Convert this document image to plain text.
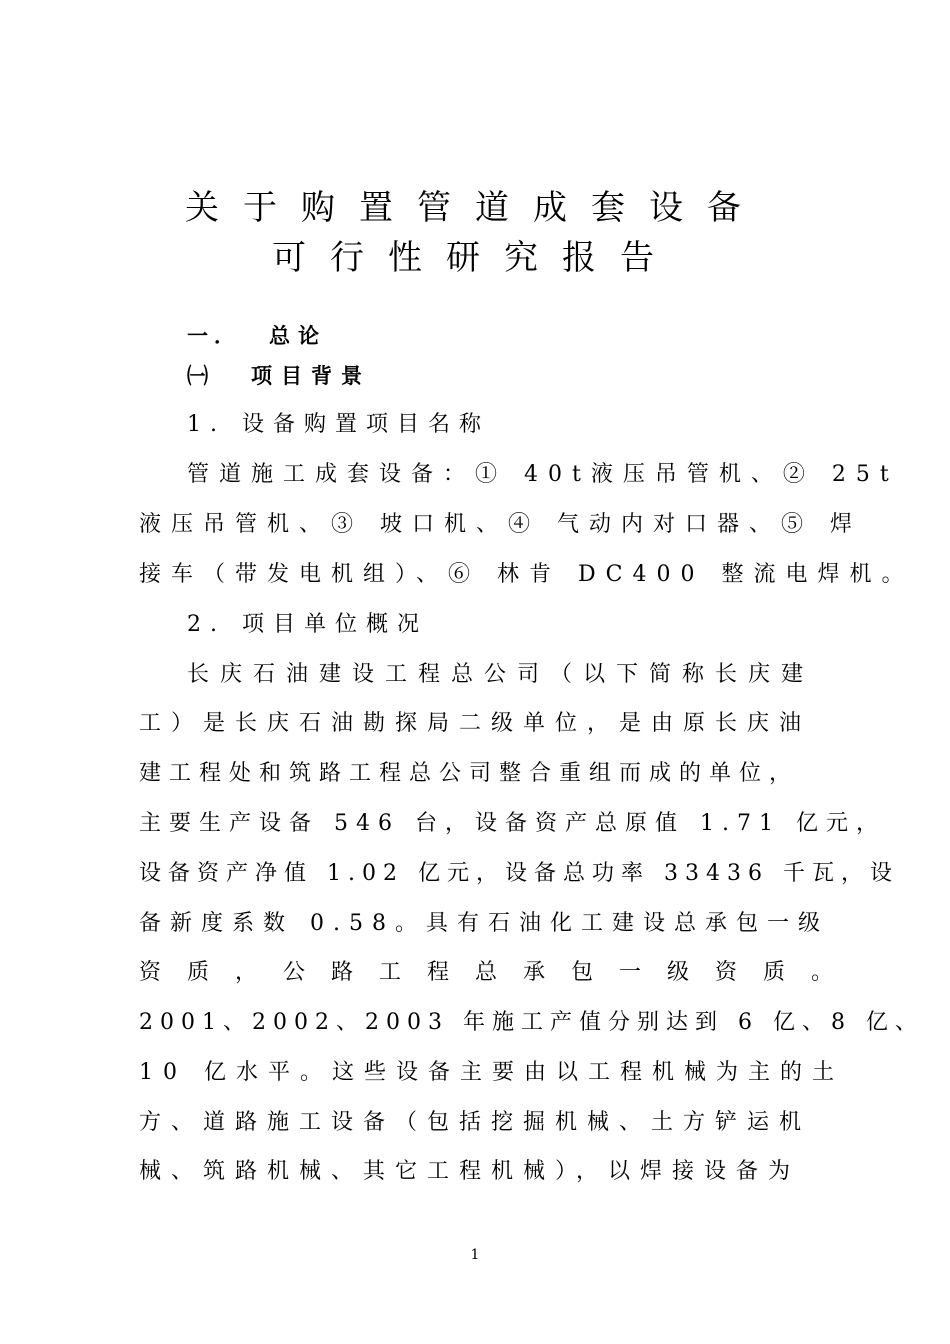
关于购置管道成套设备
可行性研究报告
一． 总论
㈠ 项目背景
1. 设备购置项目名称
管道施工成套设备：① 40t液压吊管机、② 25t
液压吊管机、③ 坡口机、④ 气动内对口器、⑤ 焊
接车（带发电机组）、⑥ 林肯 DC400 整流电焊机。
2. 项目单位概况
长庆石油建设工程总公司（以下简称长庆建
工）是长庆石油勘探局二级单位，是由原长庆油
建工程处和筑路工程总公司整合重组而成的单位，
主要生产设备 546 台，设备资产总原值 1.71 亿元，
设备资产净值 1.02 亿元，设备总功率 33436 千瓦，设
备新度系数 0.58。具有石油化工建设总承包一级
资质，公路工程总承包一级资质。
2001、2002、2003 年施工产值分别达到 6 亿、8 亿、
10 亿水平。这些设备主要由以工程机械为主的土
方、道路施工设备（包括挖掘机械、土方铲运机
械、筑路机械、其它工程机械），以焊接设备为
1
